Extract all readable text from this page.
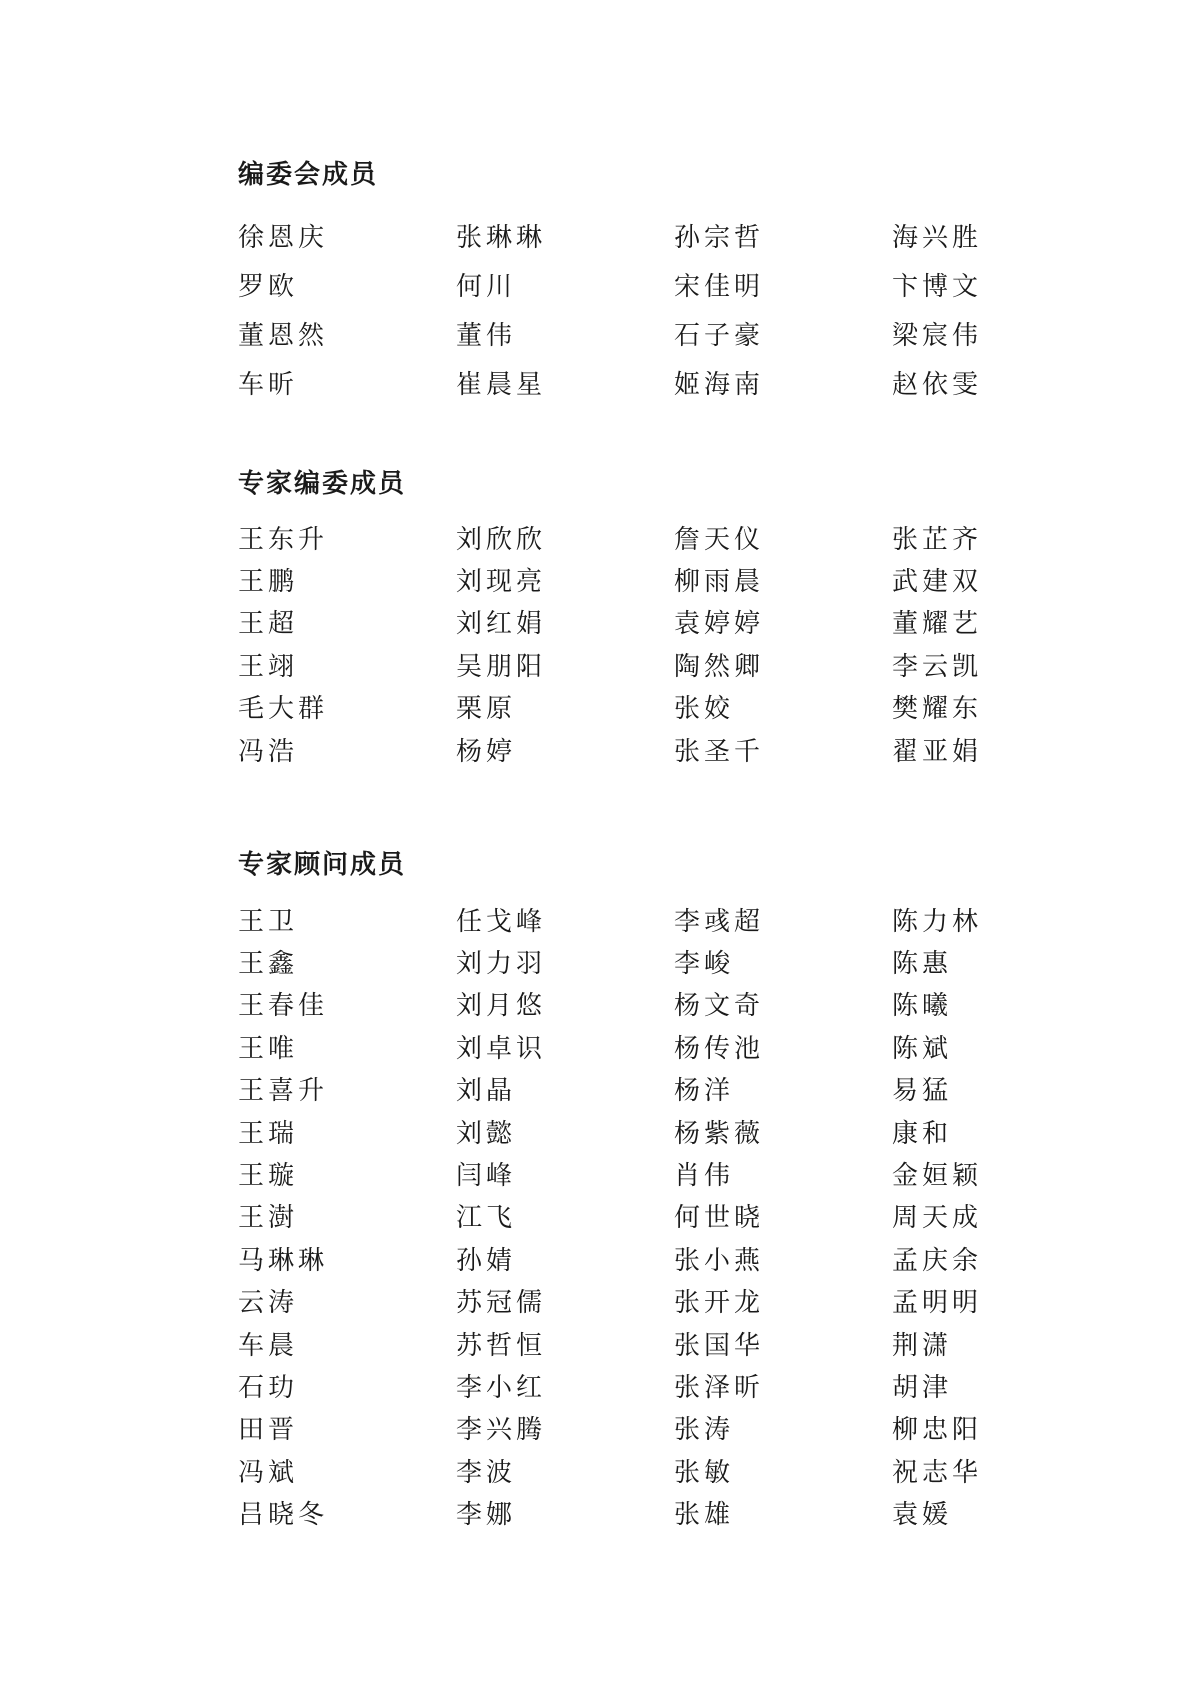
编委会成员
徐恩庆	张琳琳	孙宗哲	海兴胜
罗欧	何川	宋佳明	卞博文
董恩然	董伟	石子豪	梁宸伟
车昕	崔晨星	姬海南	赵依雯
专家编委成员
王东升	刘欣欣	詹天仪	张芷齐
王鹏	刘现亮	柳雨晨	武建双
王超	刘红娟	袁婷婷	董耀艺
王翊	吴朋阳	陶然卿	李云凯
毛大群	栗原	张姣	樊耀东
冯浩	杨婷	张圣千	翟亚娟
专家顾问成员
王卫	任戈峰	李彧超	陈力林
王鑫	刘力羽	李峻	陈惠
王春佳	刘月悠	杨文奇	陈曦
王唯	刘卓识	杨传池	陈斌
王喜升	刘晶	杨洋	易猛
王瑞	刘懿	杨紫薇	康和
王璇	闫峰	肖伟	金姮颖
王澍	江飞	何世晓	周天成
马琳琳	孙婧	张小燕	孟庆余
云涛	苏冠儒	张开龙	孟明明
车晨	苏哲恒	张国华	荆潇
石玏	李小红	张泽昕	胡津
田晋	李兴腾	张涛	柳忠阳
冯斌	李波	张敏	祝志华
吕晓冬	李娜	张雄	袁媛
